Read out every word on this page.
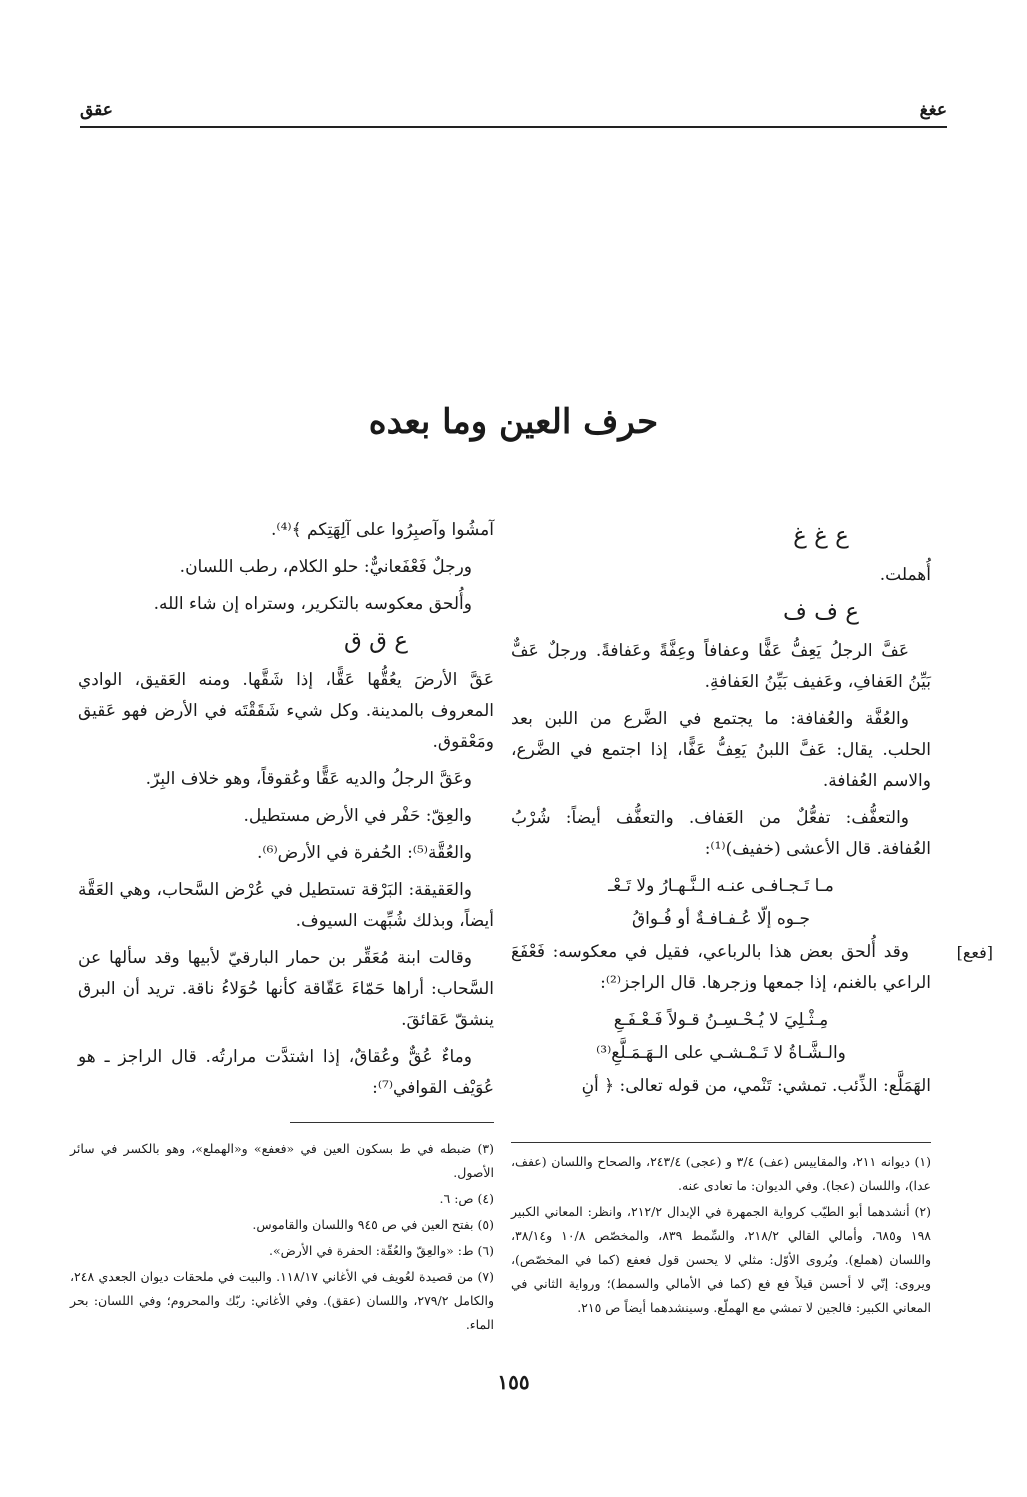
عغغ
عقق
حرف العين وما بعده
ع غ غ

أُهملت.

ع ف ف

عَفَّ الرجلُ يَعِفُّ عَفًّا وعفافاً وعِفَّةً وعَفافةً. ورجلٌ عَفٌّ بَيِّنُ العَفافِ، وعَفيف بَيِّنُ العَفافةِ.

والعُفَّة والعُفافة: ما يجتمع في الضَّرع من اللبن بعد الحلب. يقال: عَفَّ اللبنُ يَعِفُّ عَفًّا، إذا اجتمع في الضَّرع، والاسم العُفافة.

والتعفُّف: تفعُّلٌ من العَفاف. والتعفُّف أيضاً: شُرْبُ العُفافة. قال الأعشى (خفيف)⁽¹⁾:

مـا تَـجـافـى عنـه الـنَّـهـارُ ولا تَـعْـ
جـوه إلّا عُـفـافـةٌ أو فُـواقُ
[فعع]

وقد أُلحق بعض هذا بالرباعي، فقيل في معكوسه: فَعْفَعَ الراعي بالغنم، إذا جمعها وزجرها. قال الراجز⁽²⁾:

مِـثْـلِيَ لا يُـحْـسِـنُ قـولاً فَـعْـفَـعِ
والـشَّـاةُ لا تَـمْـشـي على الـهَـمَـلَّعِ⁽³⁾

الهَمَلَّع: الذِّئب. تمشي: تَنْمي، من قوله تعالى: ﴿ أنِ

آمشُوا وآصبِرُوا على آلِهَتِكم ﴾⁽⁴⁾.

ورجلٌ فَعْفَعانيٌّ: حلو الكلام، رطب اللسان.

وأُلحق معكوسه بالتكرير، وستراه إن شاء الله.

ع ق ق

عَقَّ الأرضَ يعُقُّها عَقًّا، إذا شَقَّها. ومنه العَقيق، الوادي المعروف بالمدينة. وكل شيء شَقَقْتَه في الأرض فهو عَقيق ومَعْقوق.

وعَقَّ الرجلُ والديه عَقًّا وعُقوقاً، وهو خلاف البِرّ.

والعِقّ: حَفْر في الأرض مستطيل.

والعُقَّة⁽⁵⁾: الحُفرة في الأرض⁽⁶⁾.

والعَقيقة: البَرْقة تستطيل في عُرْض السَّحاب، وهي العَقَّة أيضاً، وبذلك شُبِّهت السيوف.

وقالت ابنة مُعَقِّر بن حمار البارقيّ لأبيها وقد سألها عن السَّحاب: أراها حَمّاءَ عَقّاقة كأنها حُوَلاءُ ناقة. تريد أن البرق ينشقّ عَقائقَ.

وماءٌ عُقٌّ وعُقاقٌ، إذا اشتدَّت مرارتُه. قال الراجز ـ هو عُوَيْف القوافي⁽⁷⁾:

(١) ديوانه ٢١١، والمقاييس (عف) ٣/٤ و (عجى) ٢٤٣/٤، والصحاح واللسان (عفف، عدا)، واللسان (عجا). وفي الديوان: ما تعادى عنه.
(٢) أنشدهما أبو الطيّب كرواية الجمهرة في الإبدال ٢١٢/٢، وانظر: المعاني الكبير ١٩٨ و٦٨٥، وأمالي القالي ٢١٨/٢، والسِّمط ٨٣٩، والمخصّص ١٠/٨ و٣٨/١٤، واللسان (هملع). ويُروى الأوّل: مثلي لا يحسن قول فعفع (كما في المخصّص)، ويروى: إنّي لا أحسن قيلاً فع فع (كما في الأمالي والسمط)؛ ورواية الثاني في المعاني الكبير: فالجين لا تمشي مع الهملّع. وسينشدهما أيضاً ص ٢١٥.
(٣) ضبطه في ط بسكون العين في «فعفع» و«الهملع»، وهو بالكسر في سائر الأصول.
(٤) ص: ٦.
(٥) بفتح العين في ص ٩٤٥ واللسان والقاموس.
(٦) ط: «والعِقّ والعُقّة: الحفرة في الأرض».
(٧) من قصيدة لعُويف في الأغاني ١١٨/١٧. والبيت في ملحقات ديوان الجعدي ٢٤٨، والكامل ٢٧٩/٢، واللسان (عقق). وفي الأغاني: ربّك والمحروم؛ وفي اللسان: بحر الماء.
١٥٥
